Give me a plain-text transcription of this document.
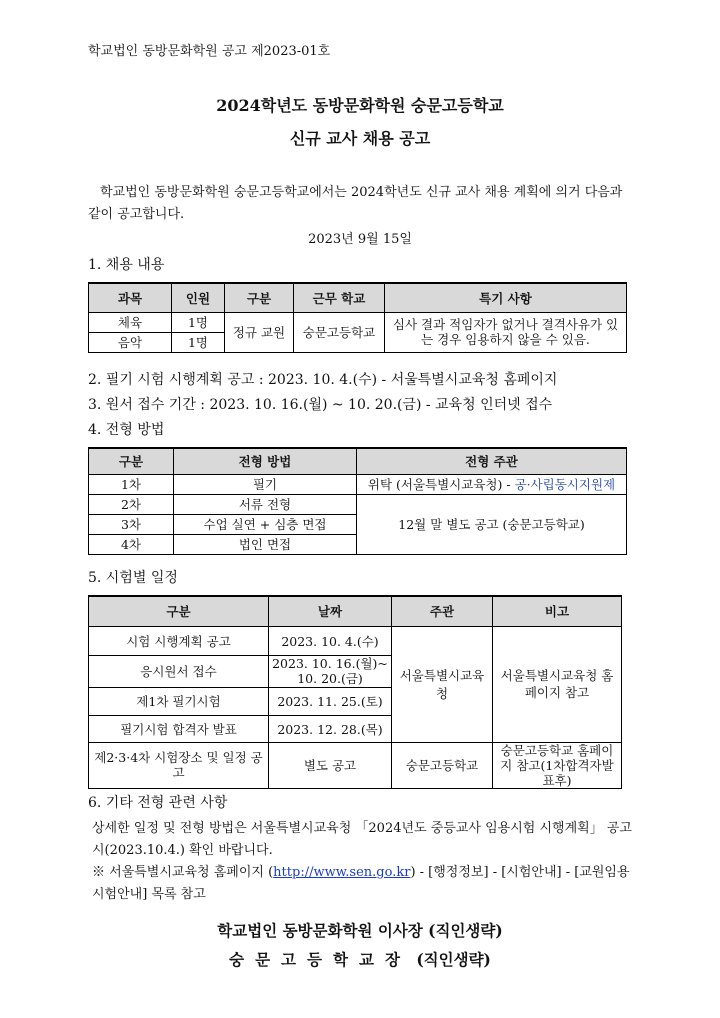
학교법인 동방문화학원 공고 제2023-01호
2024학년도 동방문화학원 숭문고등학교
신규 교사 채용 공고
학교법인 동방문화학원 숭문고등학교에서는 2024학년도 신규 교사 채용 계획에 의거 다음과 같이 공고합니다.
2023년 9월 15일
1. 채용 내용
과목	인원	구분	근무 학교	특기 사항
체육	1명	정규 교원	숭문고등학교	심사 결과 적임자가 없거나 결격사유가 있는 경우 임용하지 않을 수 있음.
음악	1명			
2. 필기 시험 시행계획 공고 : 2023. 10. 4.(수) - 서울특별시교육청 홈페이지
3. 원서 접수 기간 : 2023. 10. 16.(월) ~ 10. 20.(금) - 교육청 인터넷 접수
4. 전형 방법
구분	전형 방법	전형 주관
1차	필기	위탁 (서울특별시교육청) - 공·사립동시지원제
2차	서류 전형	12월 말 별도 공고 (숭문고등학교)
3차	수업 실연 + 심층 면접	
4차	법인 면접	
5. 시험별 일정
구분	날짜	주관	비고
시험 시행계획 공고	2023. 10. 4.(수)	서울특별시교육청	서울특별시교육청 홈페이지 참고
응시원서 접수	2023. 10. 16.(월)~ 10. 20.(금)		
제1차 필기시험	2023. 11. 25.(토)		
필기시험 합격자 발표	2023. 12. 28.(목)		
제2·3·4차 시험장소 및 일정 공고	별도 공고	숭문고등학교	숭문고등학교 홈페이지 참고(1차합격자발표후)
6. 기타 전형 관련 사항
상세한 일정 및 전형 방법은 서울특별시교육청 「2024년도 중등교사 임용시험 시행계획」 공고 시(2023.10.4.) 확인 바랍니다.
※ 서울특별시교육청 홈페이지 (http://www.sen.go.kr) - [행정정보] - [시험안내] - [교원임용시험안내] 목록 참고
학교법인 동방문화학원 이사장 (직인생략)
숭문고등학교장 (직인생략)
